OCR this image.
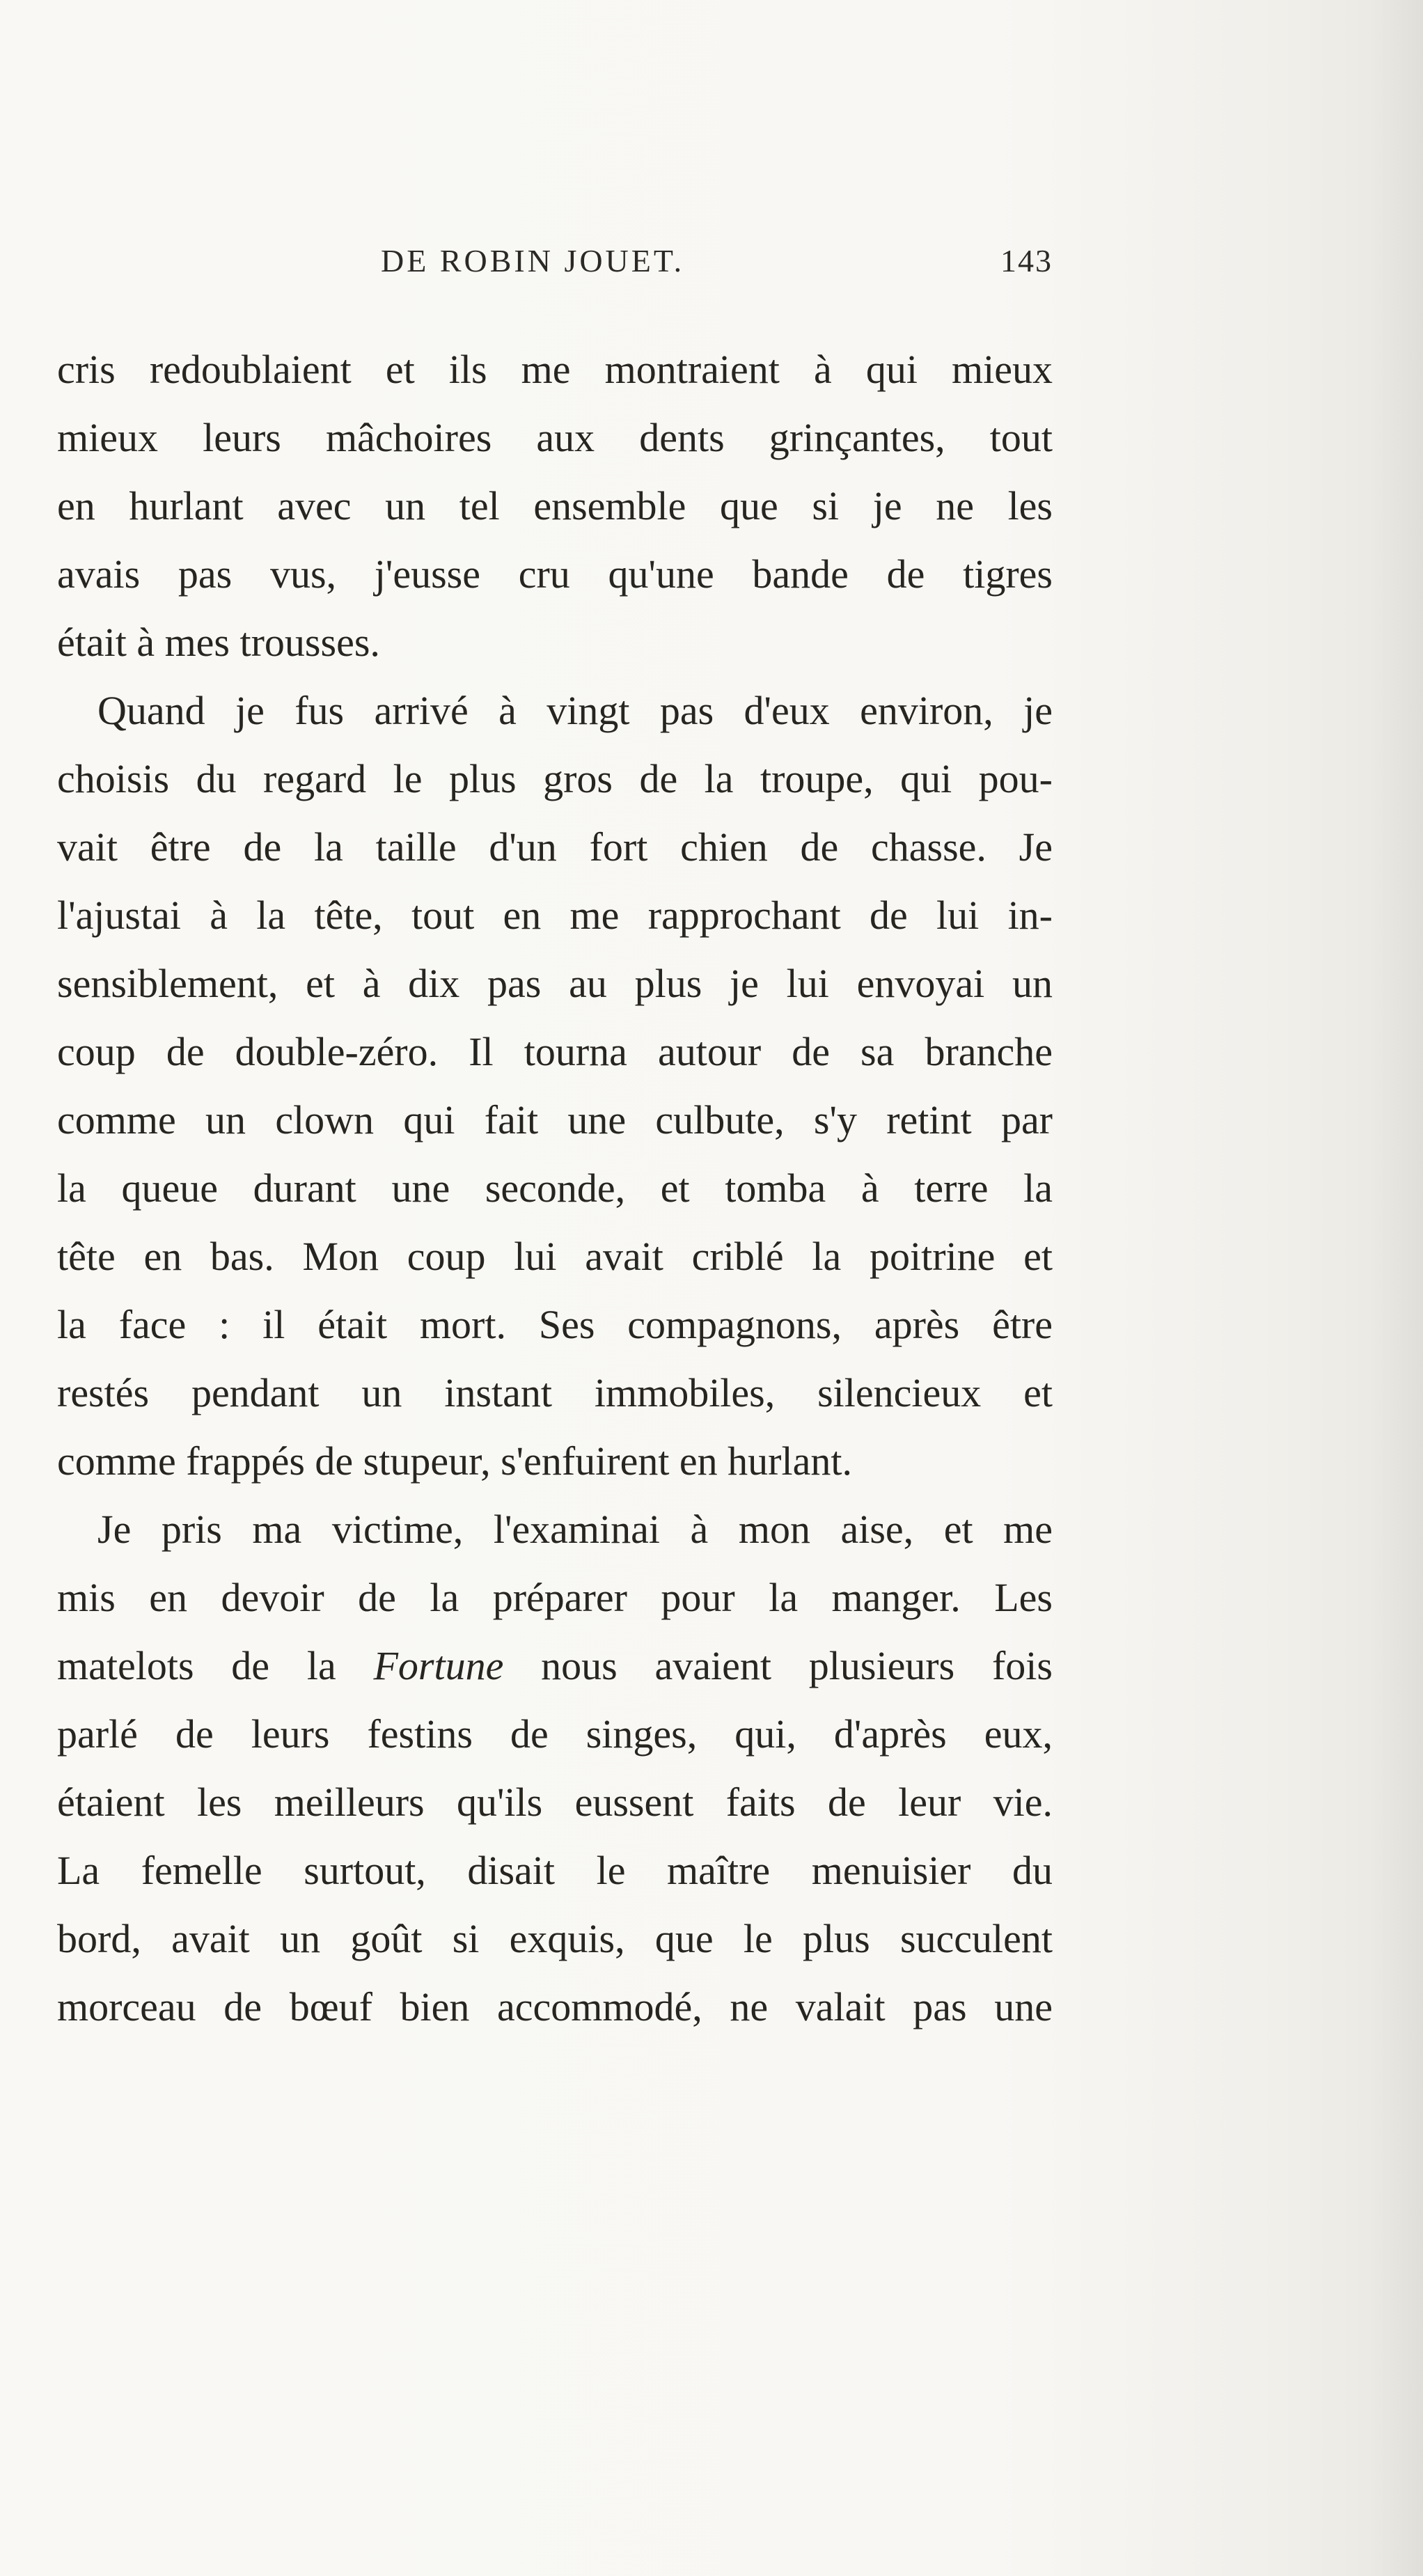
DE ROBIN JOUET.	143
cris redoublaient et ils me montraient à qui mieux
mieux leurs mâchoires aux dents grinçantes, tout
en hurlant avec un tel ensemble que si je ne les
avais pas vus, j'eusse cru qu'une bande de tigres
était à mes trousses.
Quand je fus arrivé à vingt pas d'eux environ, je
choisis du regard le plus gros de la troupe, qui pou-
vait être de la taille d'un fort chien de chasse. Je
l'ajustai à la tête, tout en me rapprochant de lui in-
sensiblement, et à dix pas au plus je lui envoyai un
coup de double-zéro. Il tourna autour de sa branche
comme un clown qui fait une culbute, s'y retint par
la queue durant une seconde, et tomba à terre la
tête en bas. Mon coup lui avait criblé la poitrine et
la face : il était mort. Ses compagnons, après être
restés pendant un instant immobiles, silencieux et
comme frappés de stupeur, s'enfuirent en hurlant.
Je pris ma victime, l'examinai à mon aise, et me
mis en devoir de la préparer pour la manger. Les
matelots de la Fortune nous avaient plusieurs fois
parlé de leurs festins de singes, qui, d'après eux,
étaient les meilleurs qu'ils eussent faits de leur vie.
La femelle surtout, disait le maître menuisier du
bord, avait un goût si exquis, que le plus succulent
morceau de bœuf bien accommodé, ne valait pas une
